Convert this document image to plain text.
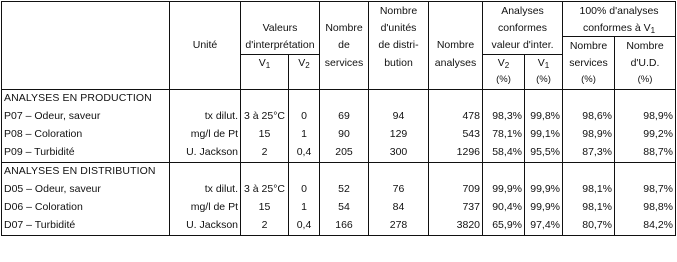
					Nombre		Analyses		100% d'analyses	
		Valeurs		Nombre	d'unités		conformes		conformes à $V_1$
	Unité	d'interprétation		de	de distri-	Nombre	valeur d'inter.		Nombre	Nombre
		$V_1$	$V_2$	services	bution	analyses	$V_2$	$V_1$	services	d'U.D.
							(%)	(%)	(%)	(%)
ANALYSES EN PRODUCTION										
P07 – Odeur, saveur	tx dilut.	3 à 25°C	0	69	94	478	98,3%	99,8%	98,6%	98,9%
P08 – Coloration	mg/l de Pt	15	1	90	129	543	78,1%	99,1%	98,9%	99,2%
P09 – Turbidité	U. Jackson	2	0,4	205	300	1296	58,4%	95,5%	87,3%	88,7%
ANALYSES EN DISTRIBUTION										
D05 – Odeur, saveur	tx dilut.	3 à 25°C	0	52	76	709	99,9%	99,9%	98,1%	98,7%
D06 – Coloration	mg/l de Pt	15	1	54	84	737	90,4%	99,9%	98,1%	98,8%
D07 – Turbidité	U. Jackson	2	0,4	166	278	3820	65,9%	97,4%	80,7%	84,2%
